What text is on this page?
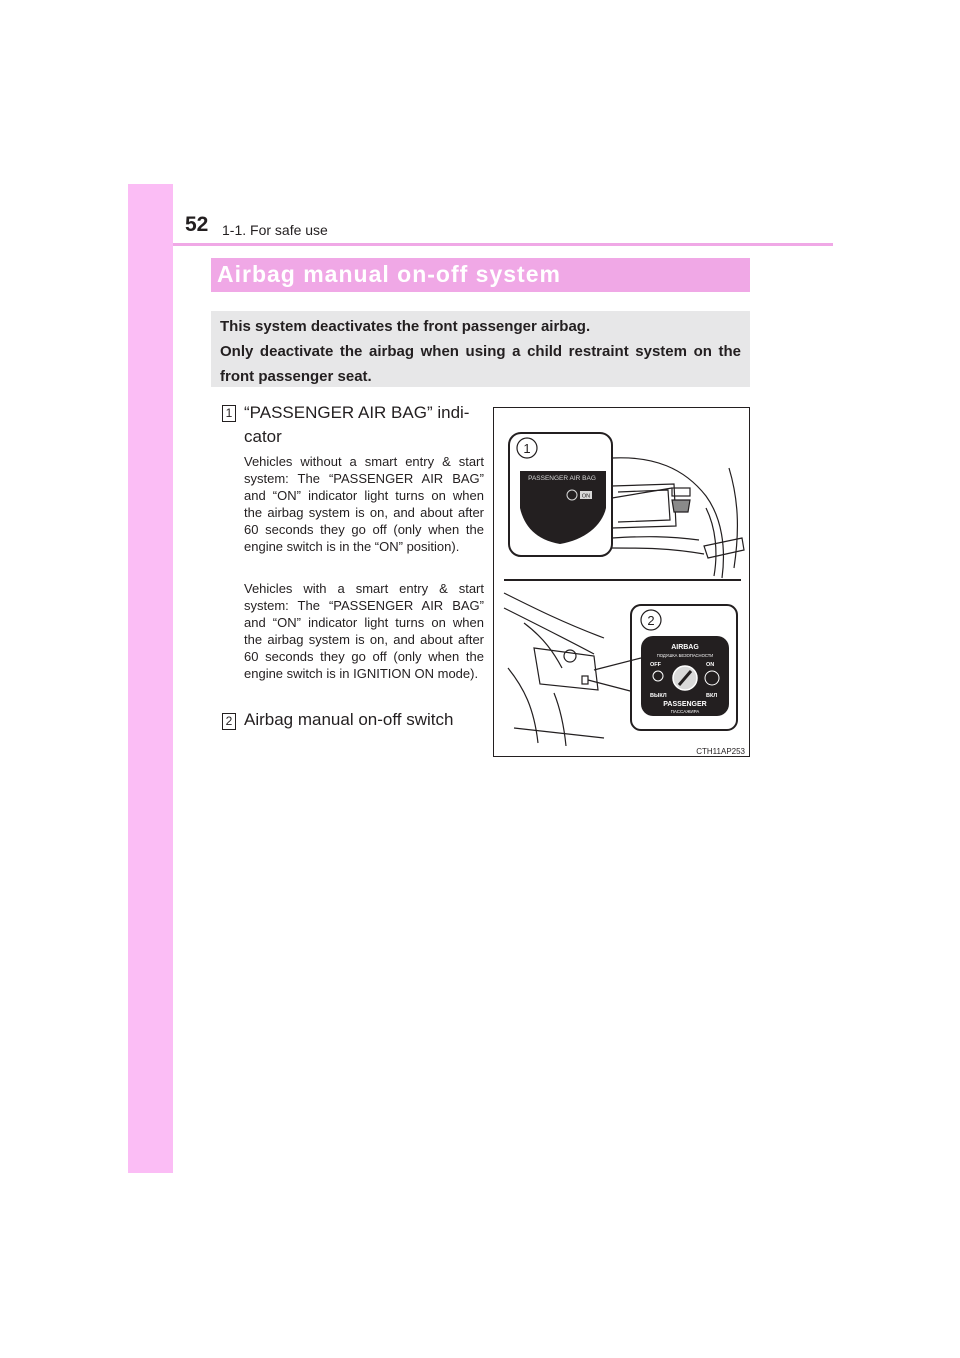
52 1-1. For safe use
Airbag manual on-off system

This system deactivates the front passenger airbag.

Only deactivate the airbag when using a child restraint system on the front passenger seat.

1 “PASSENGER AIR BAG” indi-
cator

Vehicles without a smart entry & start system: The “PASSENGER AIR BAG” and “ON” indicator light turns on when the airbag system is on, and about after 60 seconds they go off (only when the engine switch is in the “ON” position).

Vehicles with a smart entry & start system: The “PASSENGER AIR BAG” and “ON” indicator light turns on when the airbag system is on, and about after 60 seconds they go off (only when the engine switch is in IGNITION ON mode).

2 Airbag manual on-off switch
1
PASSENGER AIR BAG
ON
2
AIRBAG
ПОДУШКА БЕЗОПАСНОСТИ
OFF	ON
ВЫКЛ	ВКЛ
PASSENGER
ПАССАЖИРА
CTH11AP253
